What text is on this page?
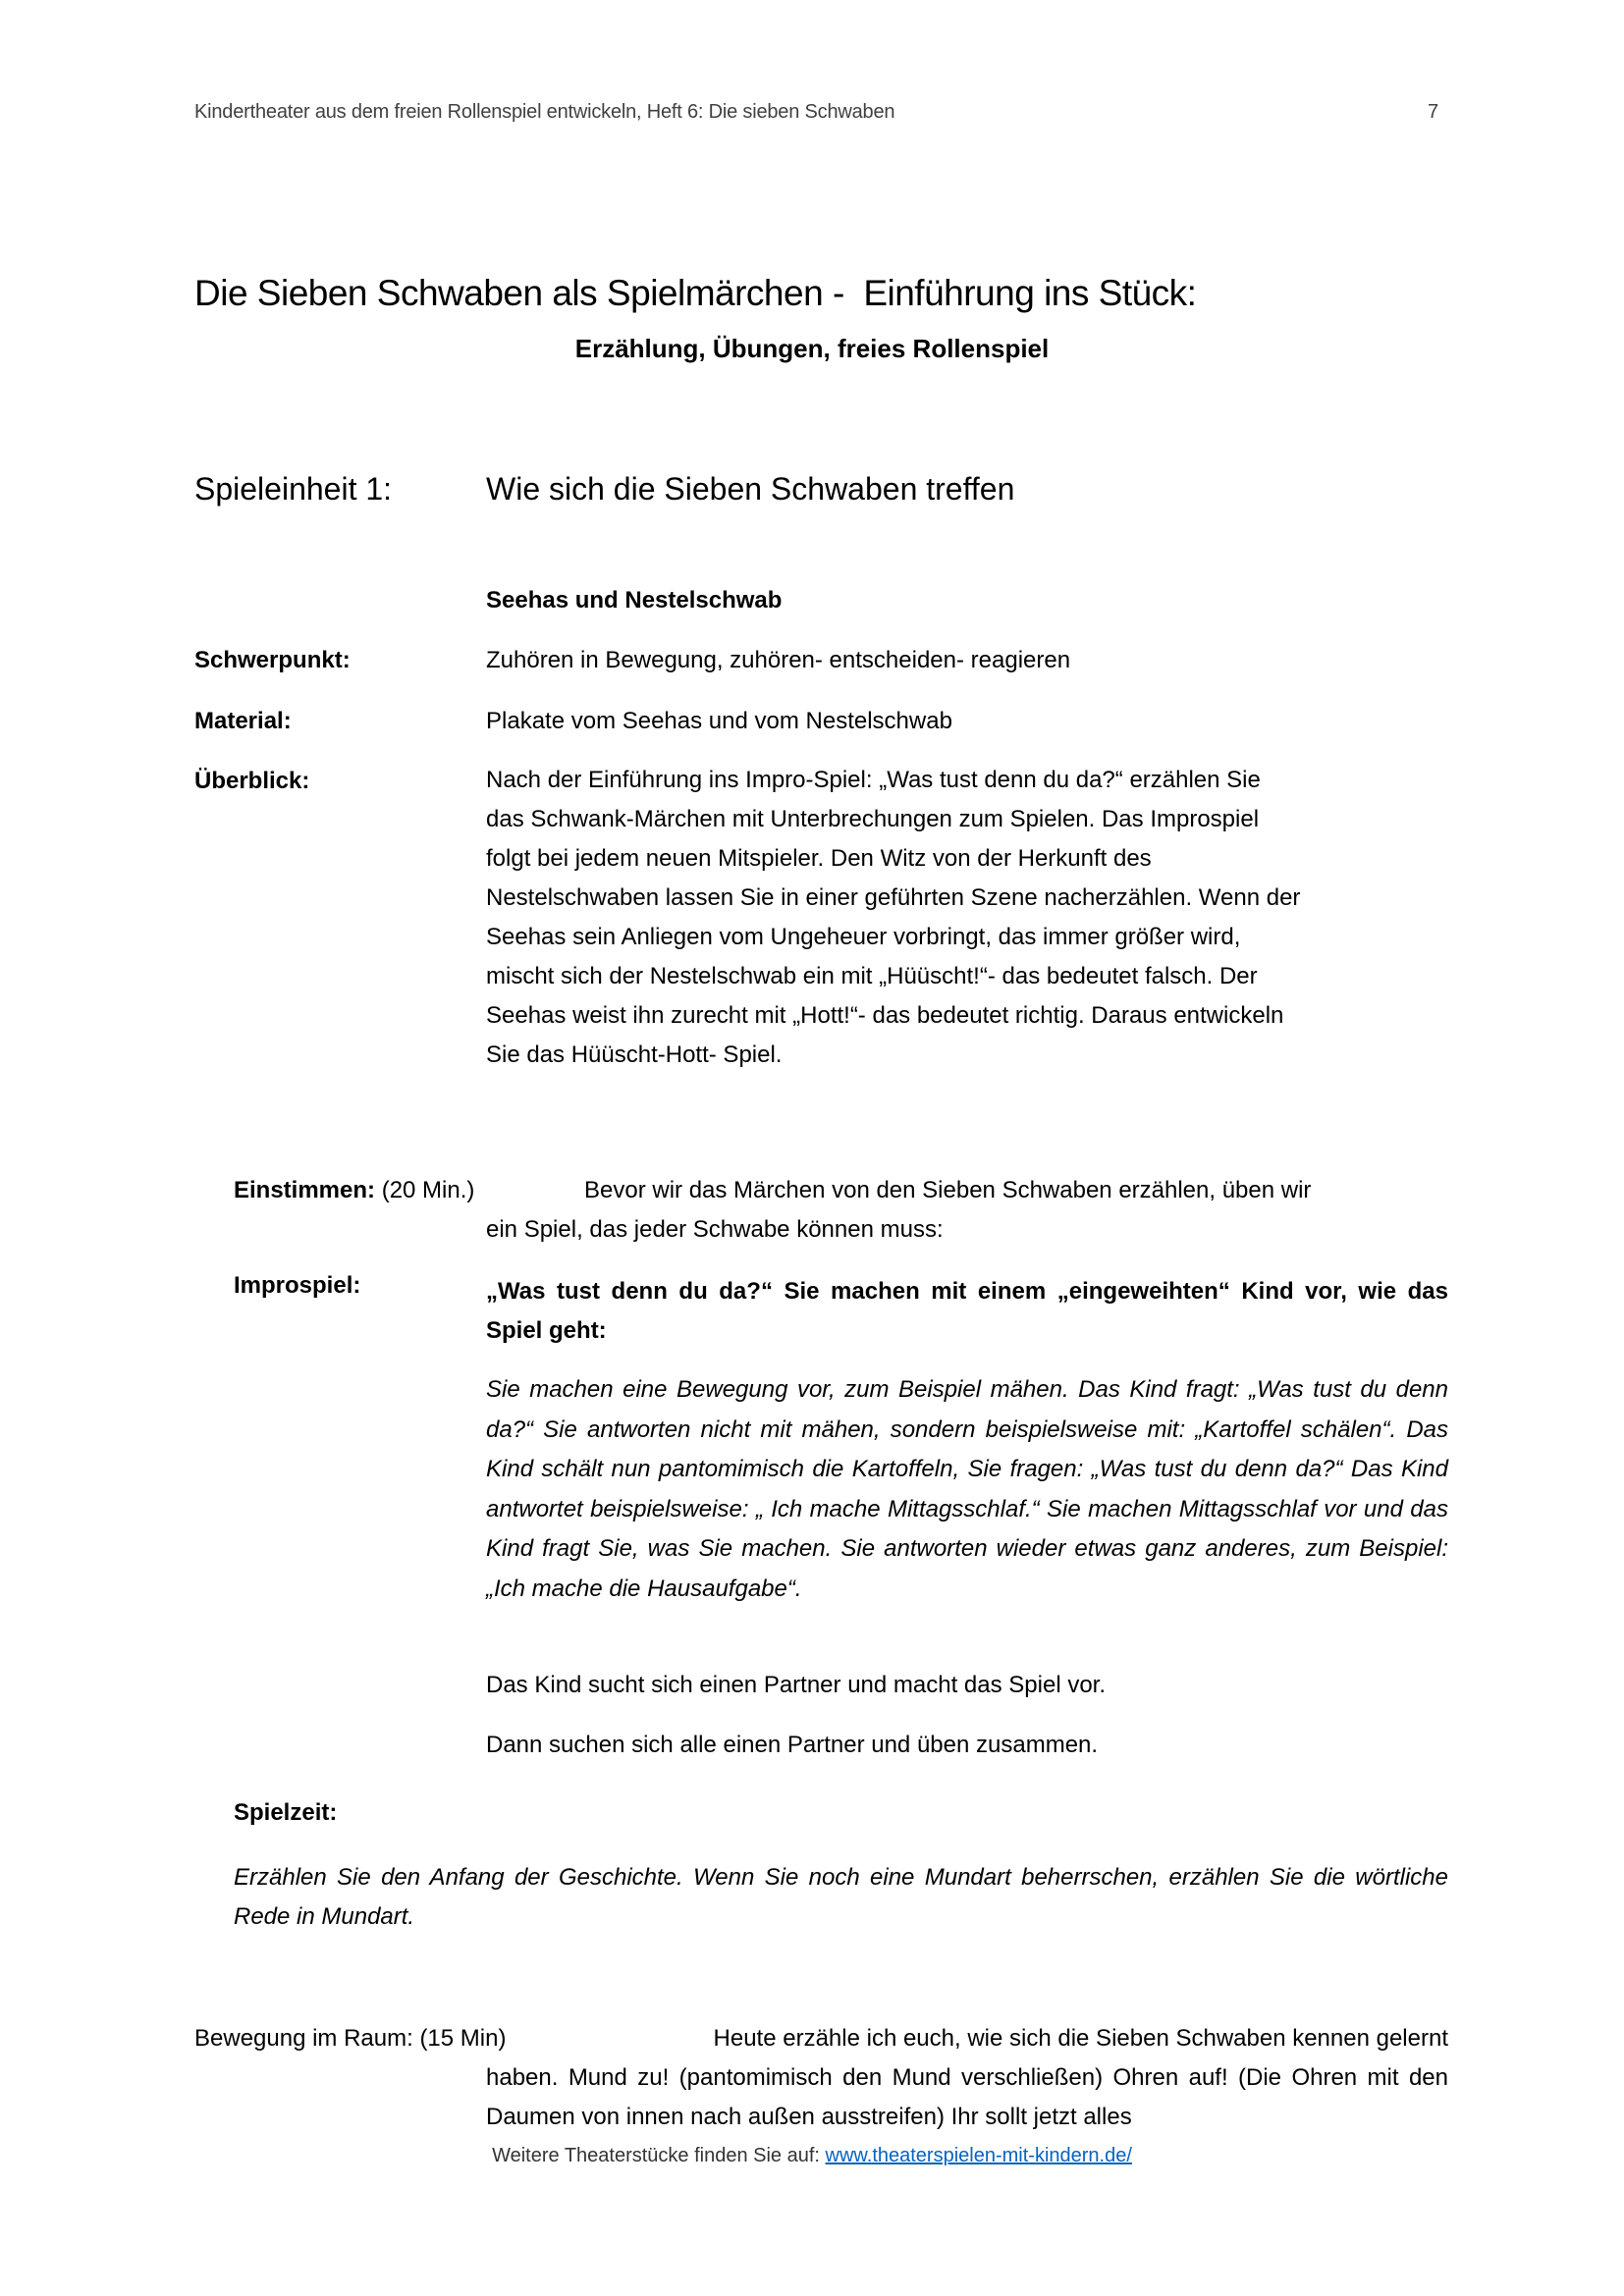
Kindertheater aus dem freien Rollenspiel entwickeln, Heft 6: Die sieben Schwaben	7
Die Sieben Schwaben als Spielmärchen -  Einführung ins Stück:
Erzählung, Übungen, freies Rollenspiel
Spieleinheit 1:	Wie sich die Sieben Schwaben treffen
Seehas und Nestelschwab
Schwerpunkt:	Zuhören in Bewegung, zuhören- entscheiden- reagieren
Material:	Plakate vom Seehas und vom Nestelschwab
Überblick:	Nach der Einführung ins Impro-Spiel: „Was tust denn du da?“ erzählen Sie
das Schwank-Märchen mit Unterbrechungen zum Spielen. Das Improspiel
folgt bei jedem neuen Mitspieler. Den Witz von der Herkunft des
Nestelschwaben lassen Sie in einer geführten Szene nacherzählen. Wenn der
Seehas sein Anliegen vom Ungeheuer vorbringt, das immer größer wird,
mischt sich der Nestelschwab ein mit „Hüüscht!“- das bedeutet falsch. Der
Seehas weist ihn zurecht mit „Hott!“- das bedeutet richtig. Daraus entwickeln
Sie das Hüüscht-Hott- Spiel.
Einstimmen: (20 Min.)	Bevor wir das Märchen von den Sieben Schwaben erzählen, üben wir
ein Spiel, das jeder Schwabe können muss:
Improspiel:	„Was tust denn du da?“ Sie machen mit einem „eingeweihten“ Kind vor, wie das Spiel geht:
Sie machen eine Bewegung vor, zum Beispiel mähen. Das Kind fragt: „Was tust du denn da?“ Sie antworten nicht mit mähen, sondern beispielsweise mit: „Kartoffel schälen“. Das Kind schält nun pantomimisch die Kartoffeln, Sie fragen: „Was tust du denn da?“ Das Kind antwortet beispielsweise: „ Ich mache Mittagsschlaf.“ Sie machen Mittagsschlaf vor und das Kind fragt Sie, was Sie machen. Sie antworten wieder etwas ganz anderes, zum Beispiel: „Ich mache die Hausaufgabe“.
Das Kind sucht sich einen Partner und macht das Spiel vor.
Dann suchen sich alle einen Partner und üben zusammen.
Spielzeit:
Erzählen Sie den Anfang der Geschichte. Wenn Sie noch eine Mundart beherrschen, erzählen Sie die wörtliche Rede in Mundart.
Bewegung im Raum: (15 Min)	Heute erzähle ich euch, wie sich die Sieben Schwaben kennen gelernt
haben. Mund zu! (pantomimisch den Mund verschließen) Ohren auf! (Die Ohren mit den Daumen von innen nach außen ausstreifen) Ihr sollt jetzt alles
Weitere Theaterstücke finden Sie auf: www.theaterspielen-mit-kindern.de/
